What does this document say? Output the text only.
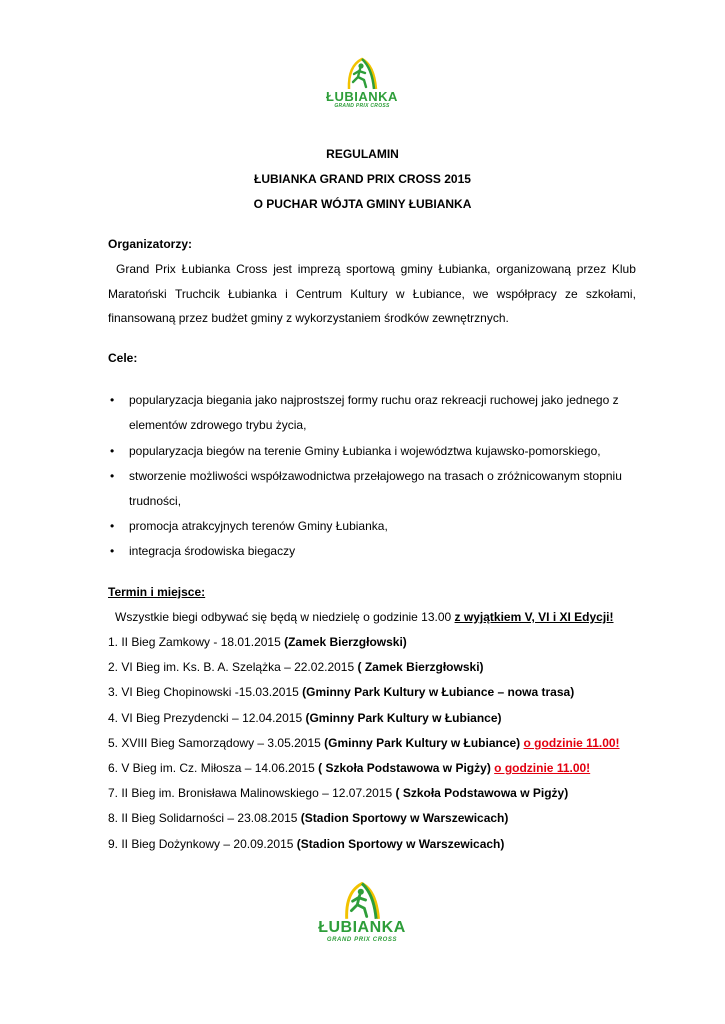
ŁUBIANKA
GRAND PRIX CROSS
REGULAMIN
ŁUBIANKA GRAND PRIX CROSS 2015
O PUCHAR WÓJTA GMINY ŁUBIANKA
Organizatorzy:
Grand Prix Łubianka Cross jest imprezą sportową gminy Łubianka, organizowaną przez Klub
Maratoński Truchcik Łubianka i Centrum Kultury w Łubiance, we współpracy ze szkołami,
finansowaną przez budżet gminy z wykorzystaniem środków zewnętrznych.
Cele:
• popularyzacja biegania jako najprostszej formy ruchu oraz rekreacji ruchowej jako jednego z
elementów zdrowego trybu życia,
• popularyzacja biegów na terenie Gminy Łubianka i województwa kujawsko-pomorskiego,
• stworzenie możliwości współzawodnictwa przełajowego na trasach o zróżnicowanym stopniu
trudności,
• promocja atrakcyjnych terenów Gminy Łubianka,
• integracja środowiska biegaczy
Termin i miejsce:
Wszystkie biegi odbywać się będą w niedzielę o godzinie 13.00 z wyjątkiem V, VI i XI Edycji!
1. II Bieg Zamkowy - 18.01.2015 (Zamek Bierzgłowski)
2. VI Bieg im. Ks. B. A. Szelążka – 22.02.2015 ( Zamek Bierzgłowski)
3. VI Bieg Chopinowski -15.03.2015 (Gminny Park Kultury w Łubiance – nowa trasa)
4. VI Bieg Prezydencki – 12.04.2015 (Gminny Park Kultury w Łubiance)
5. XVIII Bieg Samorządowy – 3.05.2015 (Gminny Park Kultury w Łubiance) o godzinie 11.00!
6. V Bieg im. Cz. Miłosza – 14.06.2015 ( Szkoła Podstawowa w Pigży) o godzinie 11.00!
7. II Bieg im. Bronisława Malinowskiego – 12.07.2015 ( Szkoła Podstawowa w Pigży)
8. II Bieg Solidarności – 23.08.2015 (Stadion Sportowy w Warszewicach)
9. II Bieg Dożynkowy – 20.09.2015 (Stadion Sportowy w Warszewicach)
ŁUBIANKA
GRAND PRIX CROSS
